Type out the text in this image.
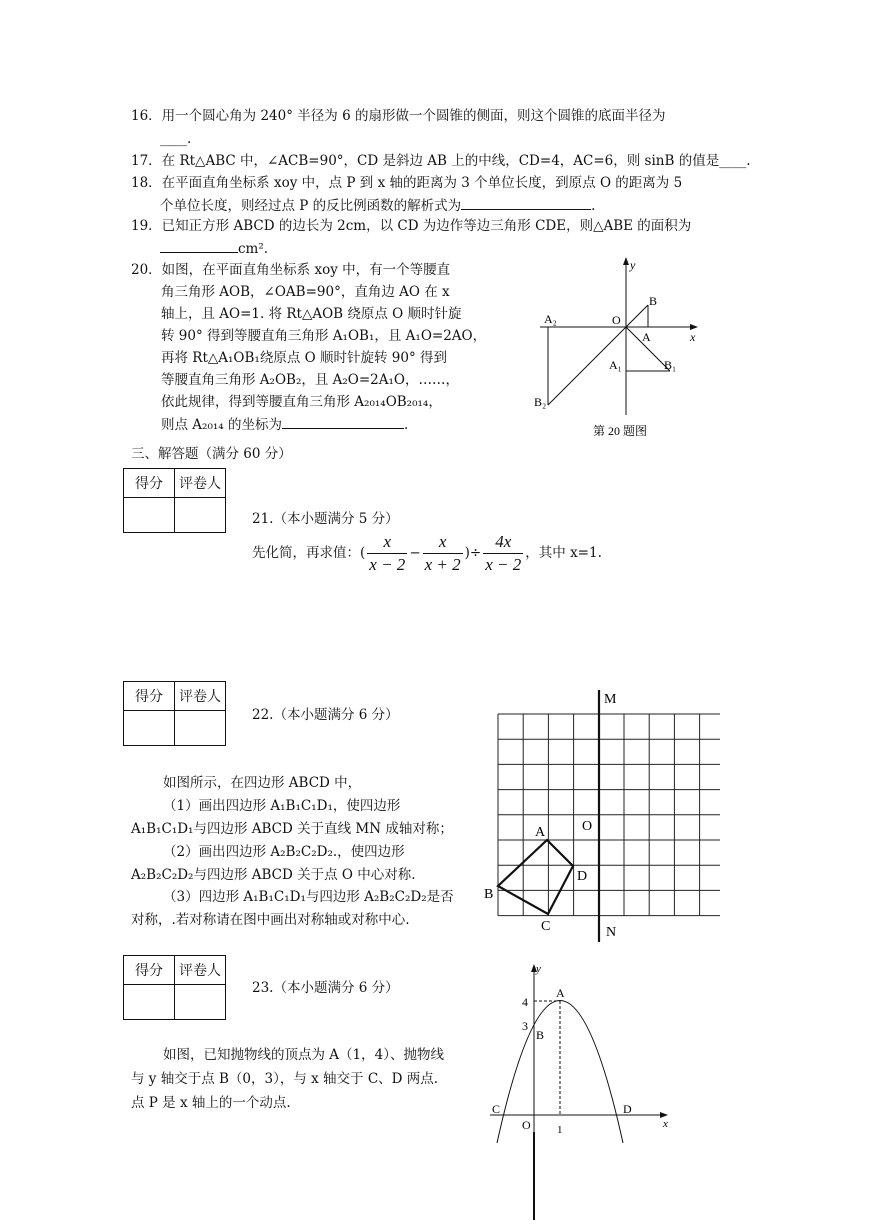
16．用一个圆心角为 240° 半径为 6 的扇形做一个圆锥的侧面，则这个圆锥的底面半径为
____.
17．在 Rt△ABC 中，∠ACB=90°，CD 是斜边 AB 上的中线，CD=4，AC=6，则 sinB 的值是____.
18．在平面直角坐标系 xoy 中，点 P 到 x 轴的距离为 3 个单位长度，到原点 O 的距离为 5
个单位长度，则经过点 P 的反比例函数的解析式为	.
19．已知正方形 ABCD 的边长为 2cm，以 CD 为边作等边三角形 CDE，则△ABE 的面积为
cm².
20．如图，在平面直角坐标系 xoy 中，有一个等腰直
角三角形 AOB，∠OAB=90°，直角边 AO 在 x
轴上，且 AO=1. 将 Rt△AOB 绕原点 O 顺时针旋
转 90° 得到等腰直角三角形 A₁OB₁，且 A₁O=2AO，
再将 Rt△A₁OB₁绕原点 O 顺时针旋转 90° 得到
等腰直角三角形 A₂OB₂，且 A₂O=2A₁O，……，
依此规律，得到等腰直角三角形 A₂₀₁₄OB₂₀₁₄，
则点 A₂₀₁₄ 的坐标为	.
y
x
O
A
B
A₁	B₁
A₂
B₂
第 20 题图
三、解答题（满分 60 分）
得分	评卷人

21.（本小题满分 5 分）
先化简，再求值：( $\frac{x}{x - 2} - \frac{x}{x + 2}$ )÷ $\frac{4x}{x - 2}$ ，其中 x=1.
得分	评卷人

22.（本小题满分 6 分）
如图所示，在四边形 ABCD 中，
（1）画出四边形 A₁B₁C₁D₁，使四边形
A₁B₁C₁D₁与四边形 ABCD 关于直线 MN 成轴对称；
（2）画出四边形 A₂B₂C₂D₂.，使四边形
A₂B₂C₂D₂与四边形 ABCD 关于点 O 中心对称.
（3）四边形 A₁B₁C₁D₁与四边形 A₂B₂C₂D₂是否
对称，.若对称请在图中画出对称轴或对称中心.
M
N
O
A
B
C
D
得分	评卷人

23.（本小题满分 6 分）
如图，已知抛物线的顶点为 A（1，4）、抛物线
与 y 轴交于点 B（0，3），与 x 轴交于 C、D 两点.
点 P 是 x 轴上的一个动点.
y
x
A
B
C	D
O
4
3
1
